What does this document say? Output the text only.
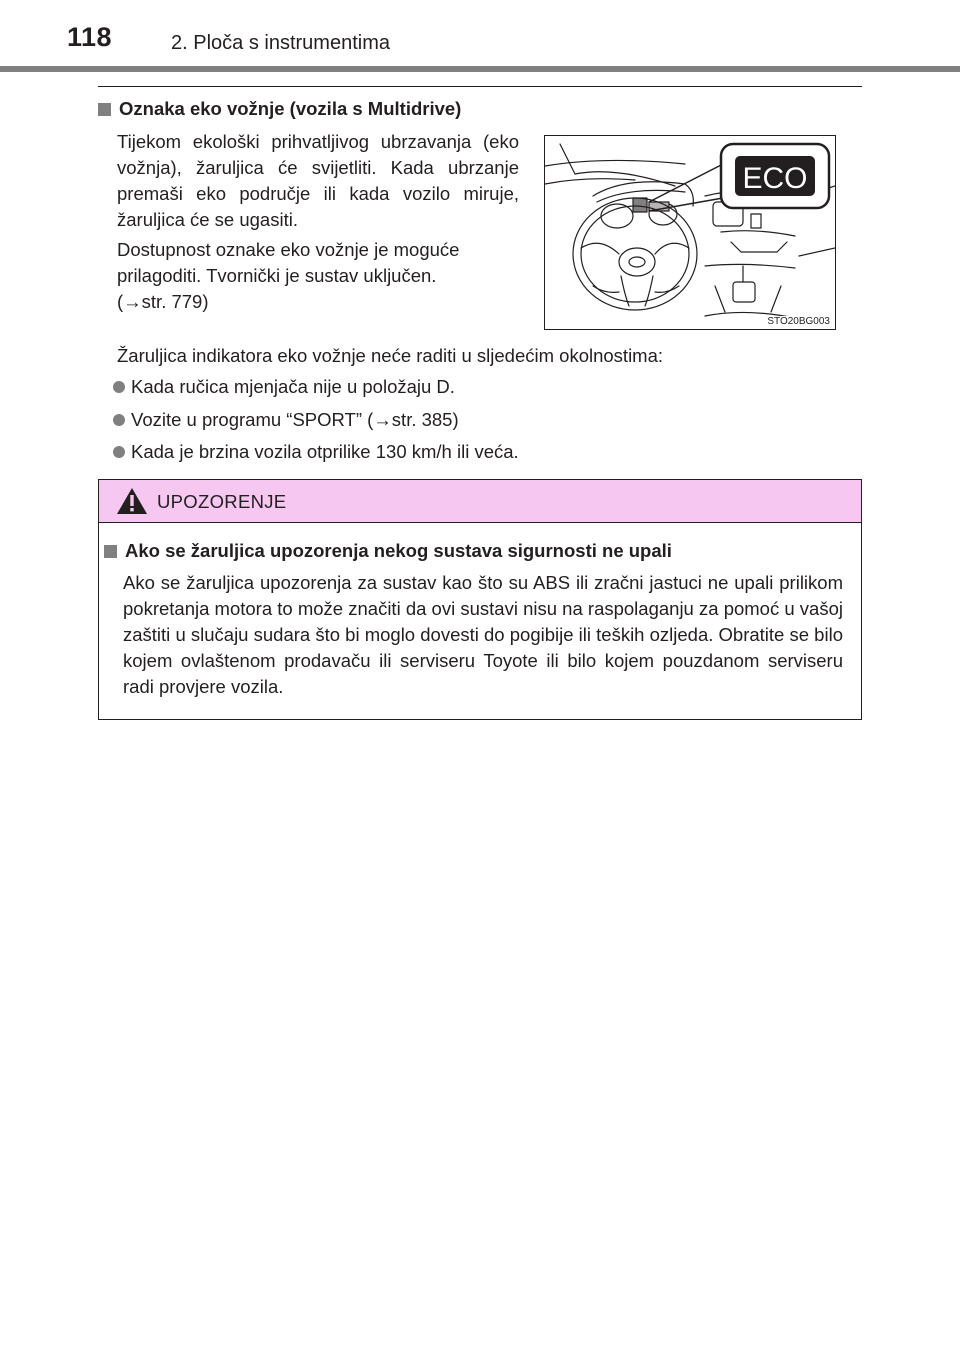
118	2. Ploča s instrumentima
Oznaka eko vožnje (vozila s Multidrive)
Tijekom ekološki prihvatljivog ubrzavanja (eko vožnja), žaruljica će svijetliti. Kada ubrzanje premaši eko područje ili kada vozilo miruje, žaruljica će se ugasiti.
Dostupnost oznake eko vožnje je moguće prilagoditi. Tvornički je sustav uključen.
(→str. 779)
Žaruljica indikatora eko vožnje neće raditi u sljedećim okolnostima:
Kada ručica mjenjača nije u položaju D.
Vozite u programu “SPORT” (→str. 385)
Kada je brzina vozila otprilike 130 km/h ili veća.
ECO
STO20BG003
UPOZORENJE
Ako se žaruljica upozorenja nekog sustava sigurnosti ne upali
Ako se žaruljica upozorenja za sustav kao što su ABS ili zračni jastuci ne upali prilikom pokretanja motora to može značiti da ovi sustavi nisu na raspolaganju za pomoć u vašoj zaštiti u slučaju sudara što bi moglo dovesti do pogibije ili teških ozljeda. Obratite se bilo kojem ovlaštenom prodavaču ili serviseru Toyote ili bilo kojem pouzdanom serviseru radi provjere vozila.
